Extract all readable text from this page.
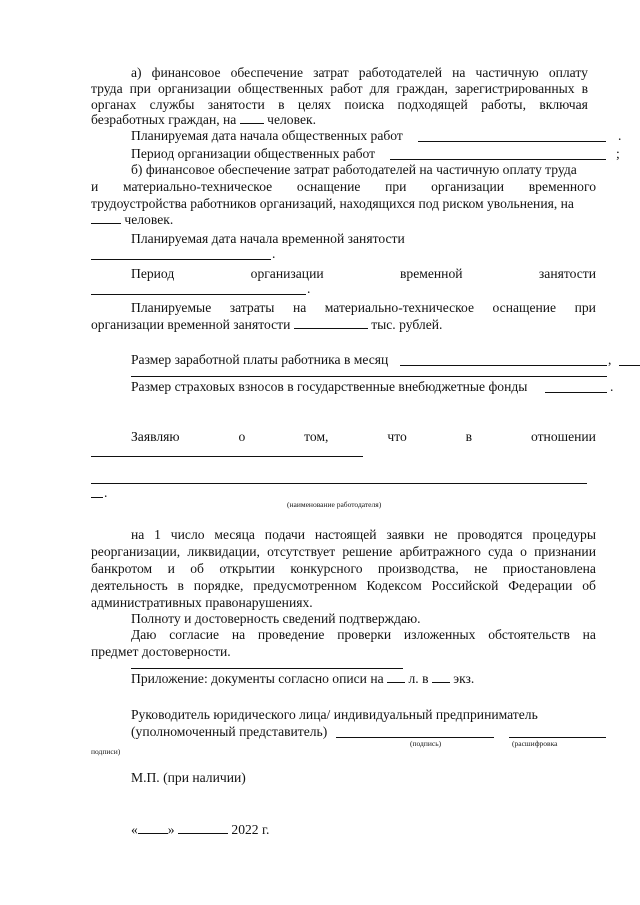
а) финансовое обеспечение затрат работодателей на частичную оплату
труда при организации общественных работ для граждан, зарегистрированных в
органах службы занятости в целях поиска подходящей работы, включая
безработных граждан, на человек.
Планируемая дата начала общественных работ	.
Период организации общественных работ	;
б) финансовое обеспечение затрат работодателей на частичную оплату труда
и материально-техническое оснащение при организации временного
трудоустройства работников организаций, находящихся под риском увольнения, на
человек.
Планируемая дата начала временной занятости
.
Период	организации	временной	занятости
.
Планируемые затраты на материально-техническое оснащение при
организации временной занятости	тыс. рублей.
Размер заработной платы работника в месяц	,
Размер страховых взносов в государственные внебюджетные фонды	.
Заявляю	о	том,	что	в	отношении
.
(наименование работодателя)
на 1 число месяца подачи настоящей заявки не проводятся процедуры
реорганизации, ликвидации, отсутствует решение арбитражного суда о признании
банкротом и об открытии конкурсного производства, не приостановлена
деятельность в порядке, предусмотренном Кодексом Российской Федерации об
административных правонарушениях.
Полноту и достоверность сведений подтверждаю.
Даю согласие на проведение проверки изложенных обстоятельств на
предмет достоверности.
Приложение: документы согласно описи на л. в экз.
Руководитель юридического лица/ индивидуальный предприниматель
(уполномоченный представитель)
(подпись)	(расшифровка
подписи)
М.П. (при наличии)
« »	2022 г.
